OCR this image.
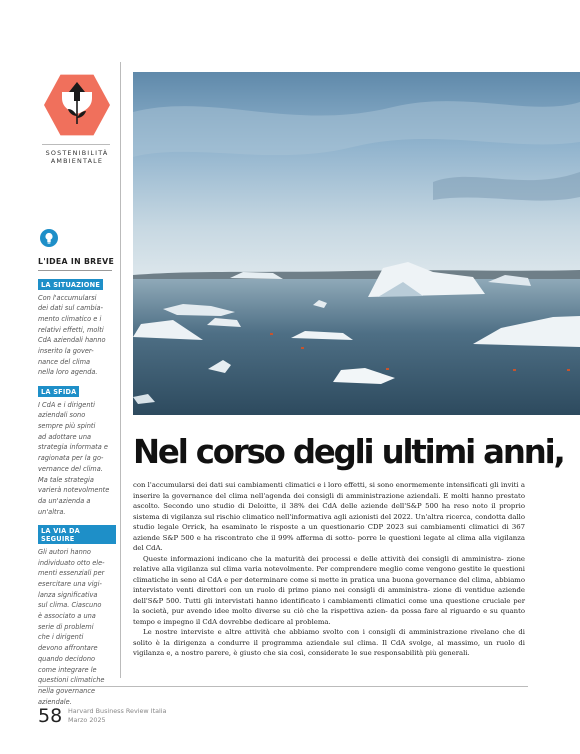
SOSTENIBILITÀ
AMBIENTALE
L'IDEA IN BREVE
LA SITUAZIONE
Con l'accumularsi
dei dati sul cambia-
mento climatico e i
relativi effetti, molti
CdA aziendali hanno
inserito la gover-
nance del clima
nella loro agenda.
LA SFIDA
I CdA e i dirigenti
aziendali sono
sempre più spinti
ad adottare una
strategia informata e
ragionata per la go-
vernance del clima.
Ma tale strategia
varierà notevolmente
da un'azienda a
un'altra.
LA VIA DA SEGUIRE
Gli autori hanno
individuato otto ele-
menti essenziali per
esercitare una vigi-
lanza significativa
sul clima. Ciascuno
è associato a una
serie di problemi
che i dirigenti
devono affrontare
quando decidono
come integrare le
questioni climatiche
nella governance
aziendale.
Nel corso degli ultimi anni,

con l'accumularsi dei dati sui cambiamenti climatici e i loro effetti, si sono enormemente intensificati gli inviti a inserire la governance del clima nell'agenda dei consigli di amministrazione aziendali. E molti hanno prestato ascolto. Secondo uno studio di Deloitte, il 38% dei CdA delle aziende dell'S&P 500 ha reso noto il proprio sistema di vigilanza sul rischio climatico nell'informativa agli azionisti del 2022. Un'altra ricerca, condotta dallo studio legale Orrick, ha esaminato le risposte a un questionario CDP 2023 sui cambiamenti climatici di 367 aziende S&P 500 e ha riscontrato che il 99% afferma di sotto- porre le questioni legate al clima alla vigilanza del CdA.

Queste informazioni indicano che la maturità dei processi e delle attività dei consigli di amministra- zione relative alla vigilanza sul clima varia notevolmente. Per comprendere meglio come vengono gestite le questioni climatiche in seno al CdA e per determinare come si mette in pratica una buona governance del clima, abbiamo intervistato venti direttori con un ruolo di primo piano nei consigli di amministra- zione di ventidue aziende dell'S&P 500. Tutti gli intervistati hanno identificato i cambiamenti climatici come una questione cruciale per la società, pur avendo idee molto diverse su ciò che la rispettiva azien- da possa fare al riguardo e su quanto tempo e impegno il CdA dovrebbe dedicare al problema.

Le nostre interviste e altre attività che abbiamo svolto con i consigli di amministrazione rivelano che di solito è la dirigenza a condurre il programma aziendale sul clima. Il CdA svolge, al massimo, un ruolo di vigilanza e, a nostro parere, è giusto che sia così, considerate le sue responsabilità più generali.

58 Harvard Business Review Italia
Marzo 2025
